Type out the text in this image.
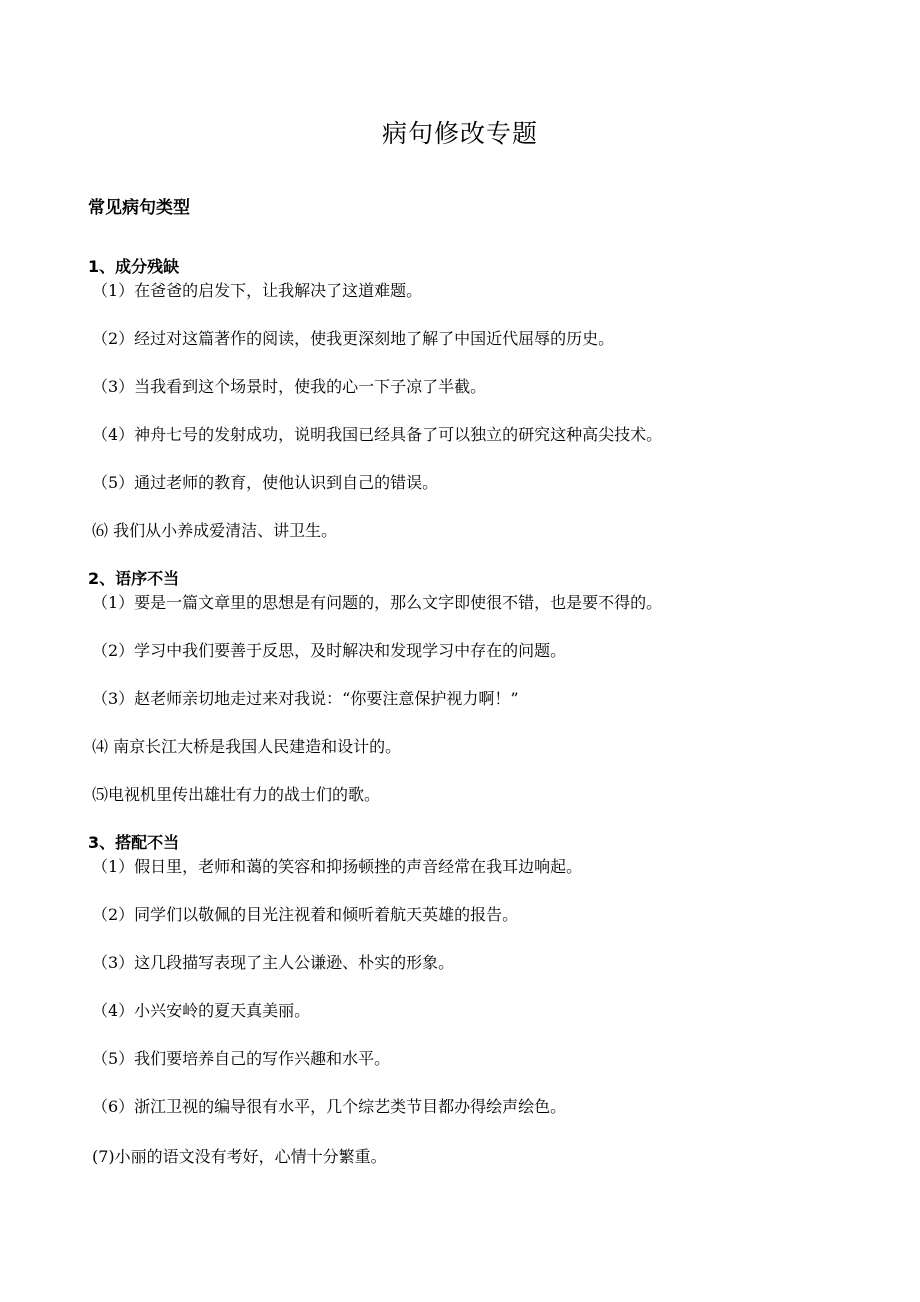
病句修改专题
常见病句类型
1、成分残缺
（1）在爸爸的启发下，让我解决了这道难题。
（2）经过对这篇著作的阅读，使我更深刻地了解了中国近代屈辱的历史。
（3）当我看到这个场景时，使我的心一下子凉了半截。
（4）神舟七号的发射成功，说明我国已经具备了可以独立的研究这种高尖技术。
（5）通过老师的教育，使他认识到自己的错误。
⑹ 我们从小养成爱清洁、讲卫生。
2、语序不当
（1）要是一篇文章里的思想是有问题的，那么文字即使很不错，也是要不得的。
（2）学习中我们要善于反思，及时解决和发现学习中存在的问题。
（3）赵老师亲切地走过来对我说：“你要注意保护视力啊！”
⑷ 南京长江大桥是我国人民建造和设计的。
⑸电视机里传出雄壮有力的战士们的歌。
3、搭配不当
（1）假日里，老师和蔼的笑容和抑扬顿挫的声音经常在我耳边响起。
（2）同学们以敬佩的目光注视着和倾听着航天英雄的报告。
（3）这几段描写表现了主人公谦逊、朴实的形象。
（4）小兴安岭的夏天真美丽。
（5）我们要培养自己的写作兴趣和水平。
（6）浙江卫视的编导很有水平，几个综艺类节目都办得绘声绘色。
(7)小丽的语文没有考好，心情十分繁重。
